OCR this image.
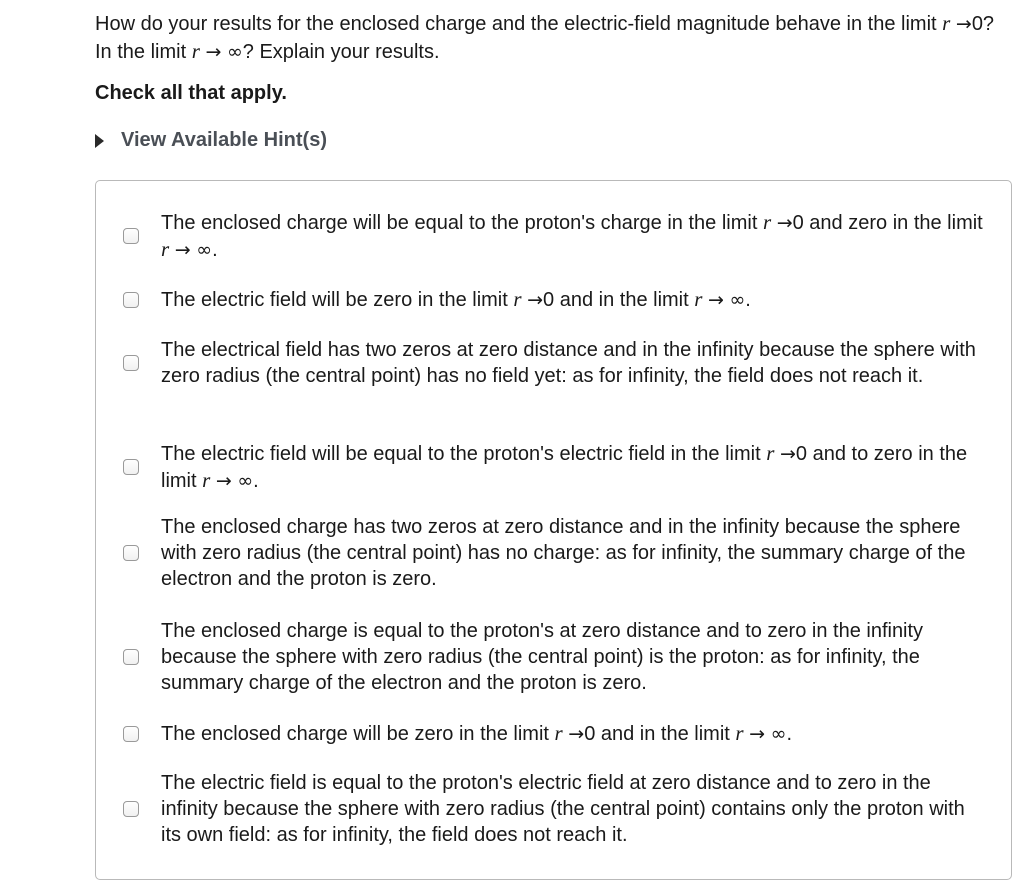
How do your results for the enclosed charge and the electric-field magnitude behave in the limit r →0? In the limit r → ∞? Explain your results.
Check all that apply.
View Available Hint(s)
The enclosed charge will be equal to the proton's charge in the limit r →0 and zero in the limit r → ∞.
The electric field will be zero in the limit r →0 and in the limit r → ∞.
The electrical field has two zeros at zero distance and in the infinity because the sphere with zero radius (the central point) has no field yet: as for infinity, the field does not reach it.
The electric field will be equal to the proton's electric field in the limit r →0 and to zero in the limit r → ∞.
The enclosed charge has two zeros at zero distance and in the infinity because the sphere with zero radius (the central point) has no charge: as for infinity, the summary charge of the electron and the proton is zero.
The enclosed charge is equal to the proton's at zero distance and to zero in the infinity because the sphere with zero radius (the central point) is the proton: as for infinity, the summary charge of the electron and the proton is zero.
The enclosed charge will be zero in the limit r →0 and in the limit r → ∞.
The electric field is equal to the proton's electric field at zero distance and to zero in the infinity because the sphere with zero radius (the central point) contains only the proton with its own field: as for infinity, the field does not reach it.
